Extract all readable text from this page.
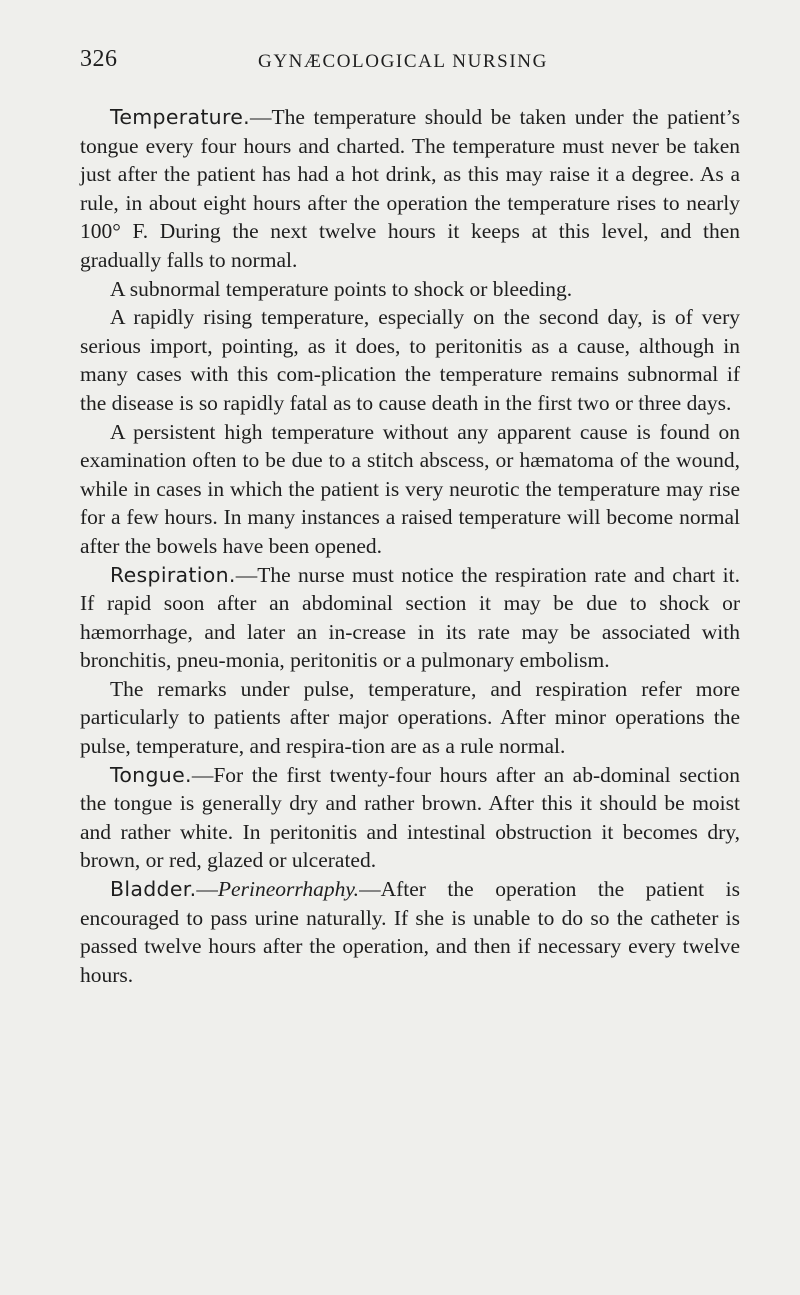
326	GYNÆCOLOGICAL NURSING

Temperature.—The temperature should be taken under the patient’s tongue every four hours and charted. The temperature must never be taken just after the patient has had a hot drink, as this may raise it a degree. As a rule, in about eight hours after the operation the temperature rises to nearly 100° F. During the next twelve hours it keeps at this level, and then gradually falls to normal.

A subnormal temperature points to shock or bleeding.

A rapidly rising temperature, especially on the second day, is of very serious import, pointing, as it does, to peritonitis as a cause, although in many cases with this com-plication the temperature remains subnormal if the disease is so rapidly fatal as to cause death in the first two or three days.

A persistent high temperature without any apparent cause is found on examination often to be due to a stitch abscess, or hæmatoma of the wound, while in cases in which the patient is very neurotic the temperature may rise for a few hours. In many instances a raised temperature will become normal after the bowels have been opened.

Respiration.—The nurse must notice the respiration rate and chart it. If rapid soon after an abdominal section it may be due to shock or hæmorrhage, and later an in-crease in its rate may be associated with bronchitis, pneu-monia, peritonitis or a pulmonary embolism.

The remarks under pulse, temperature, and respiration refer more particularly to patients after major operations. After minor operations the pulse, temperature, and respira-tion are as a rule normal.

Tongue.—For the first twenty-four hours after an ab-dominal section the tongue is generally dry and rather brown. After this it should be moist and rather white. In peritonitis and intestinal obstruction it becomes dry, brown, or red, glazed or ulcerated.

Bladder.—Perineorrhaphy.—After the operation the patient is encouraged to pass urine naturally. If she is unable to do so the catheter is passed twelve hours after the operation, and then if necessary every twelve hours.
